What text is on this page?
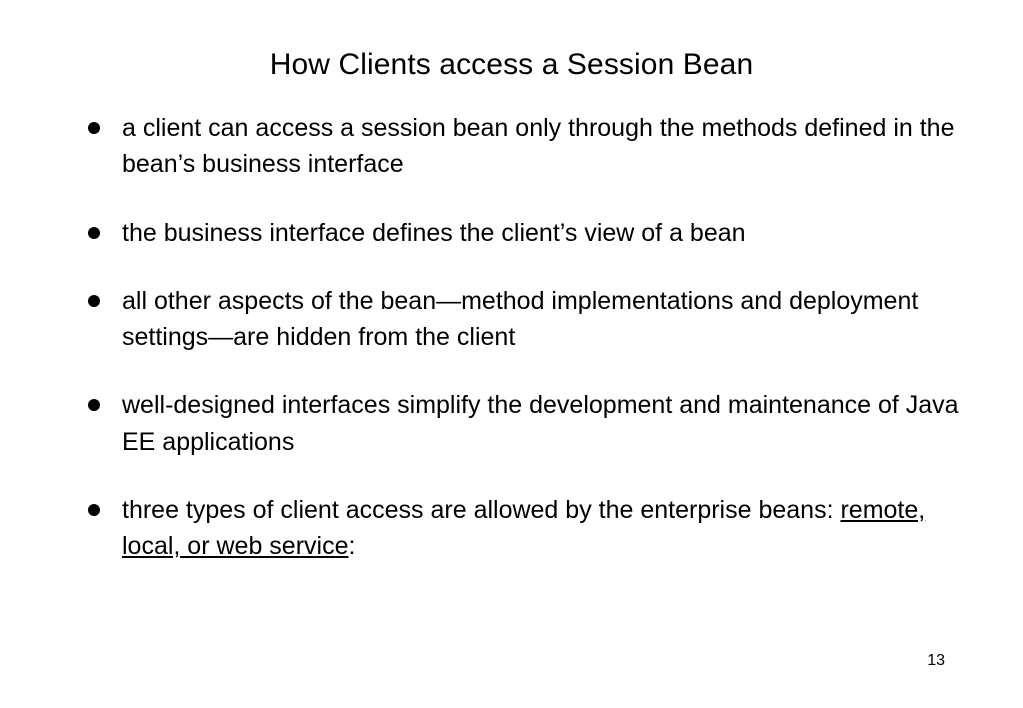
How Clients access a Session Bean
a client can access a session bean only through the methods defined in the bean’s business interface
the business interface defines the client’s view of a bean
all other aspects of the bean—method implementations and deployment settings—are hidden from the client
well-designed interfaces simplify the development and maintenance of Java EE applications
three types of client access are allowed by the enterprise beans: remote, local, or web service:
13
